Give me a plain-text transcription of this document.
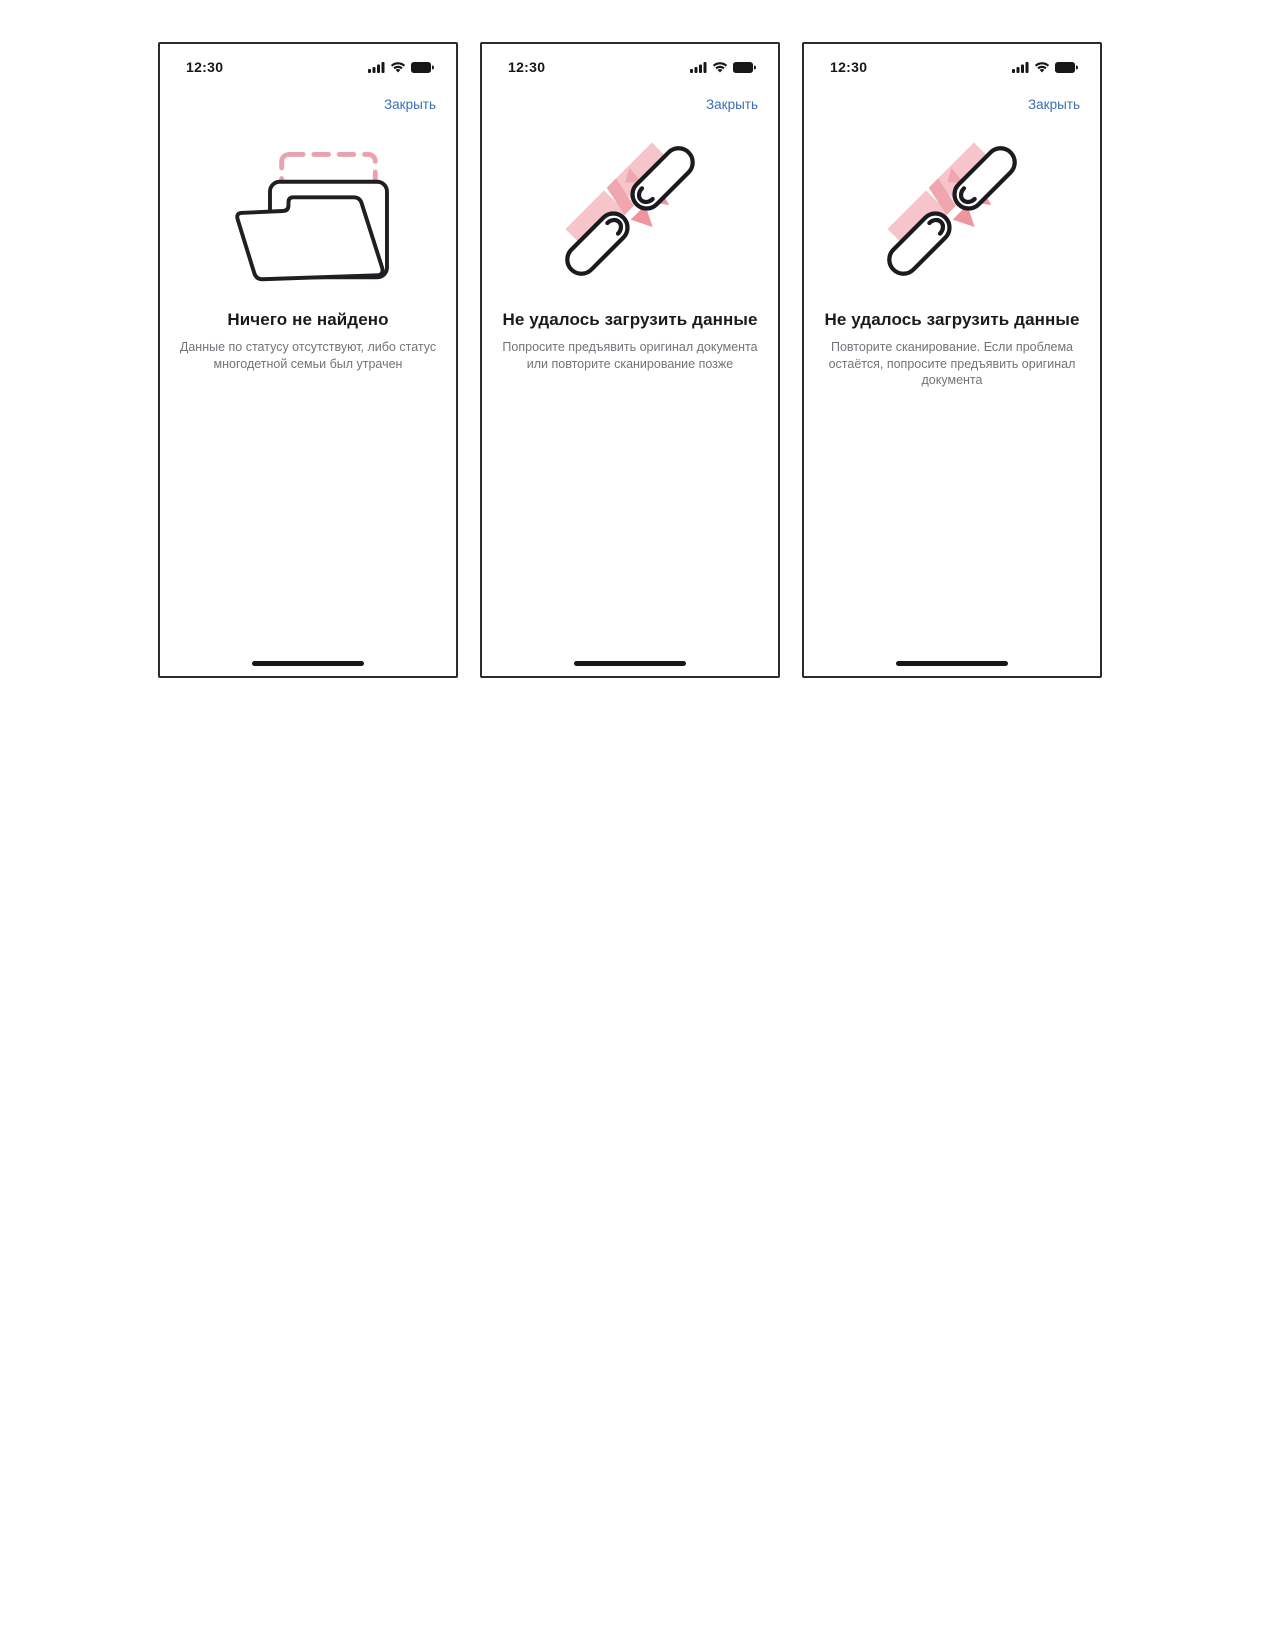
12:30
Закрыть
Ничего не найдено
Данные по статусу отсутствуют, либо статус многодетной семьи был утрачен
12:30
Закрыть
Не удалось загрузить данные
Попросите предъявить оригинал документа или повторите сканирование позже
12:30
Закрыть
Не удалось загрузить данные
Повторите сканирование. Если проблема остаётся, попросите предъявить оригинал документа
